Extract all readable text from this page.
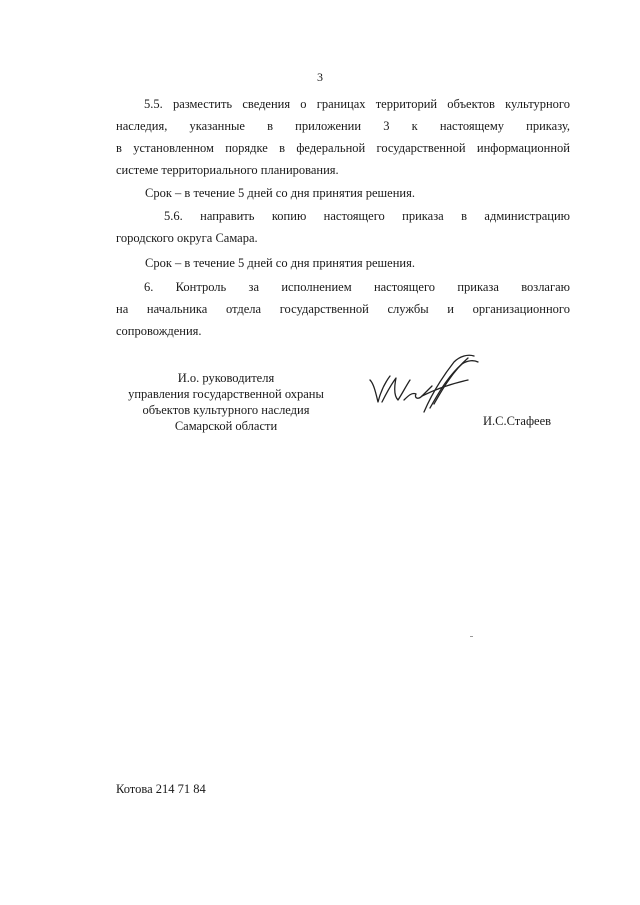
3
5.5. разместить сведения о границах территорий объектов культурного
наследия, указанные в приложении 3 к настоящему приказу,
в установленном порядке в федеральной государственной информационной
системе территориального планирования.

Срок – в течение 5 дней со дня принятия решения.

5.6. направить копию настоящего приказа в администрацию
городского округа Самара.

Срок – в течение 5 дней со дня принятия решения.

6. Контроль за исполнением настоящего приказа возлагаю
на начальника отдела государственной службы и организационного
сопровождения.
И.о. руководителя
управления государственной охраны
объектов культурного наследия
Самарской области	И.С.Стафеев
Котова 214 71 84
